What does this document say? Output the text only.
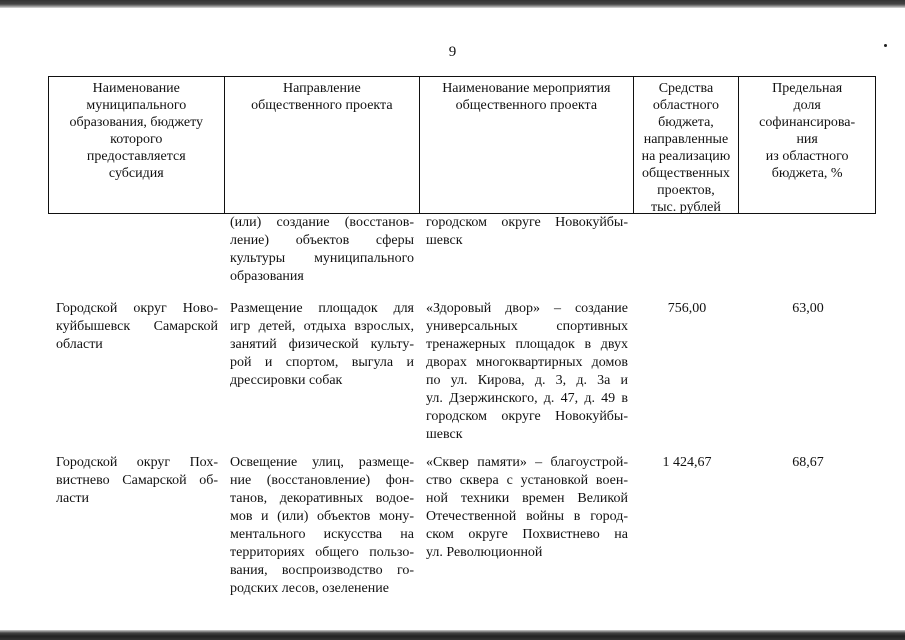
9
Наименование
муниципального
образования, бюджету
которого
предоставляется
субсидия
Направление
общественного проекта
Наименование мероприятия
общественного проекта
Средства
областного
бюджета,
направленные
на реализацию
общественных
проектов,
тыс. рублей
Предельная
доля
софинансирова-
ния
из областного
бюджета, %
(или) создание (восстанов-
ление) объектов сферы
культуры муниципального
образования
городском округе Новокуйбы-
шевск
Городской округ Ново-
куйбышевск Самарской
области
Размещение площадок для
игр детей, отдыха взрослых,
занятий физической культу-
рой и спортом, выгула и
дрессировки собак
«Здоровый двор» – создание
универсальных спортивных
тренажерных площадок в двух
дворах многоквартирных домов
по ул. Кирова, д. 3, д. 3а и
ул. Дзержинского, д. 47, д. 49 в
городском округе Новокуйбы-
шевск
756,00	63,00
Городской округ Пох-
вистнево Самарской об-
ласти
Освещение улиц, размеще-
ние (восстановление) фон-
танов, декоративных водое-
мов и (или) объектов мону-
ментального искусства на
территориях общего пользо-
вания, воспроизводство го-
родских лесов, озеленение
«Сквер памяти» – благоустрой-
ство сквера с установкой воен-
ной техники времен Великой
Отечественной войны в город-
ском округе Похвистнево на
ул. Революционной
1 424,67	68,67
